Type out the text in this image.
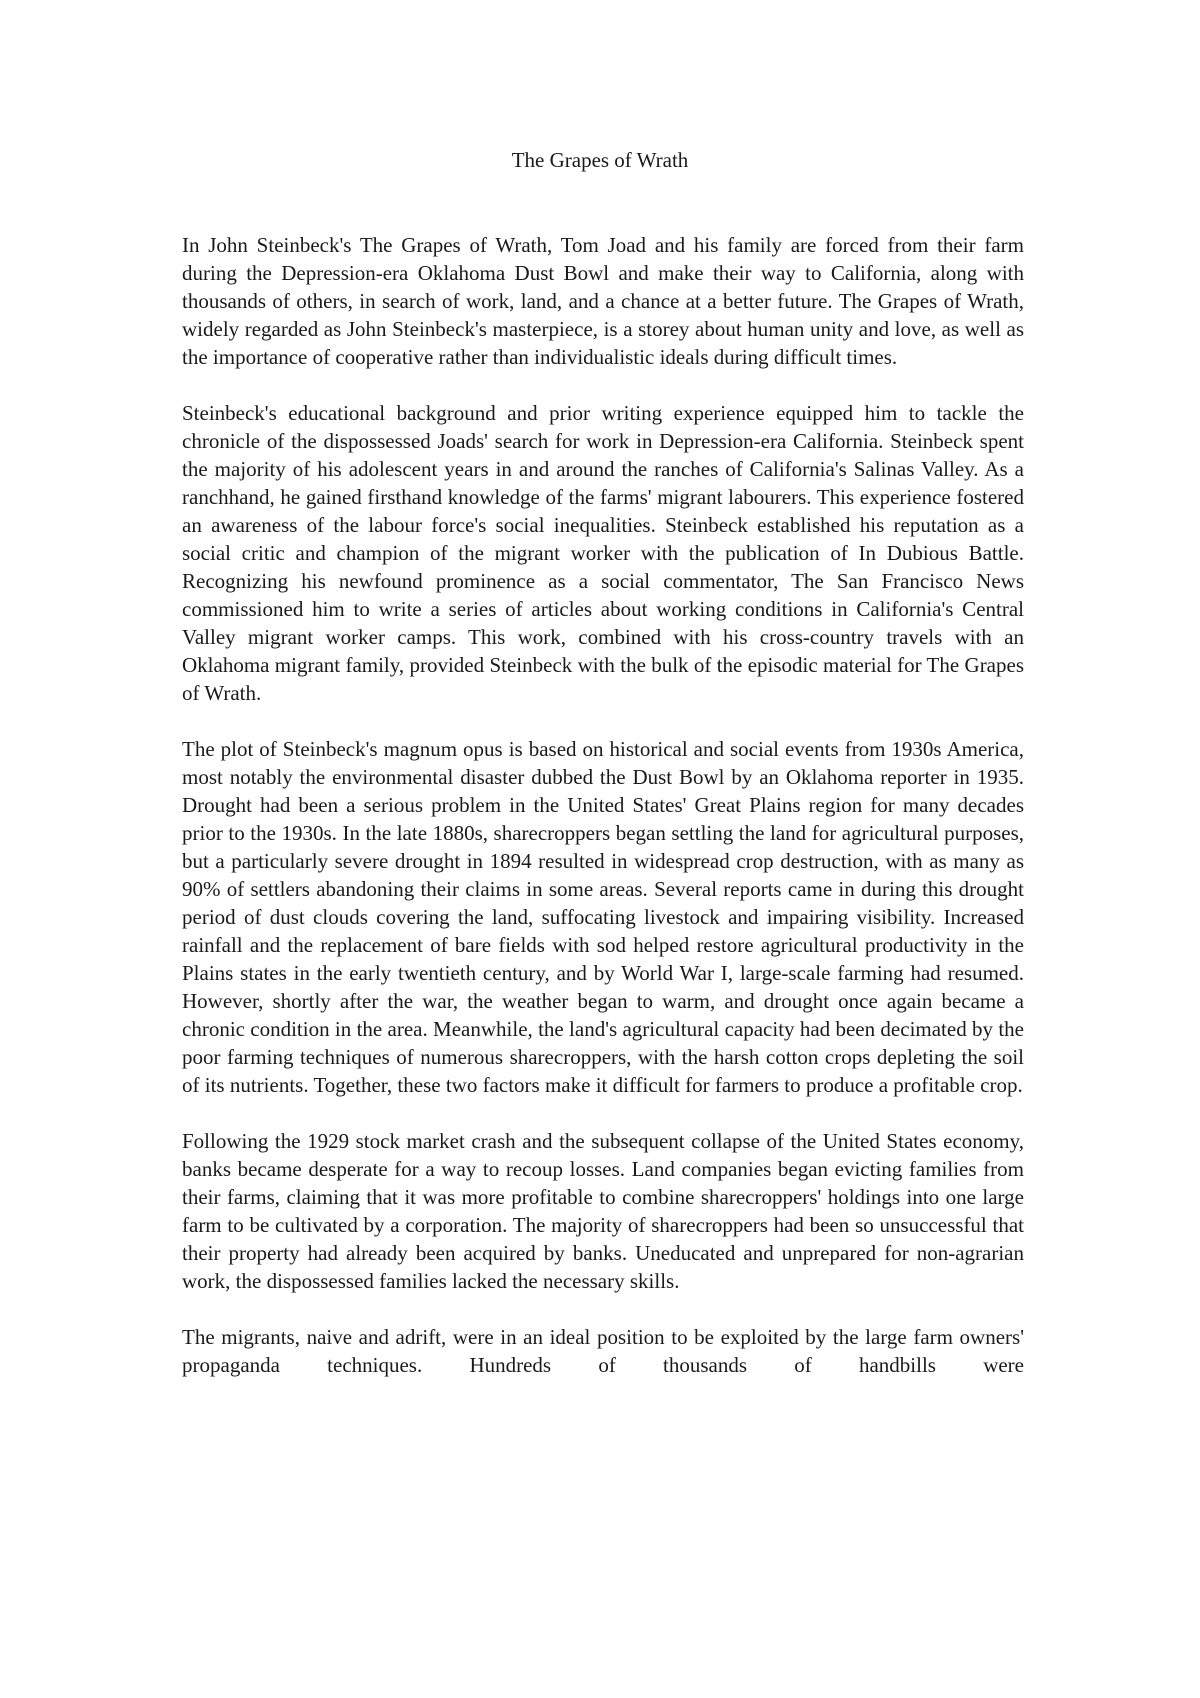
The Grapes of Wrath

In John Steinbeck's The Grapes of Wrath, Tom Joad and his family are forced from their farm during the Depression-era Oklahoma Dust Bowl and make their way to California, along with thousands of others, in search of work, land, and a chance at a better future. The Grapes of Wrath, widely regarded as John Steinbeck's masterpiece, is a storey about human unity and love, as well as the importance of cooperative rather than individualistic ideals during difficult times.

Steinbeck's educational background and prior writing experience equipped him to tackle the chronicle of the dispossessed Joads' search for work in Depression-era California. Steinbeck spent the majority of his adolescent years in and around the ranches of California's Salinas Valley. As a ranchhand, he gained firsthand knowledge of the farms' migrant labourers. This experience fostered an awareness of the labour force's social inequalities. Steinbeck established his reputation as a social critic and champion of the migrant worker with the publication of In Dubious Battle. Recognizing his newfound prominence as a social commentator, The San Francisco News commissioned him to write a series of articles about working conditions in California's Central Valley migrant worker camps. This work, combined with his cross-country travels with an Oklahoma migrant family, provided Steinbeck with the bulk of the episodic material for The Grapes of Wrath.

The plot of Steinbeck's magnum opus is based on historical and social events from 1930s America, most notably the environmental disaster dubbed the Dust Bowl by an Oklahoma reporter in 1935. Drought had been a serious problem in the United States' Great Plains region for many decades prior to the 1930s. In the late 1880s, sharecroppers began settling the land for agricultural purposes, but a particularly severe drought in 1894 resulted in widespread crop destruction, with as many as 90% of settlers abandoning their claims in some areas. Several reports came in during this drought period of dust clouds covering the land, suffocating livestock and impairing visibility. Increased rainfall and the replacement of bare fields with sod helped restore agricultural productivity in the Plains states in the early twentieth century, and by World War I, large-scale farming had resumed. However, shortly after the war, the weather began to warm, and drought once again became a chronic condition in the area. Meanwhile, the land's agricultural capacity had been decimated by the poor farming techniques of numerous sharecroppers, with the harsh cotton crops depleting the soil of its nutrients. Together, these two factors make it difficult for farmers to produce a profitable crop.

Following the 1929 stock market crash and the subsequent collapse of the United States economy, banks became desperate for a way to recoup losses. Land companies began evicting families from their farms, claiming that it was more profitable to combine sharecroppers' holdings into one large farm to be cultivated by a corporation. The majority of sharecroppers had been so unsuccessful that their property had already been acquired by banks. Uneducated and unprepared for non-agrarian work, the dispossessed families lacked the necessary skills.

The migrants, naive and adrift, were in an ideal position to be exploited by the large farm owners' propaganda techniques. Hundreds of thousands of handbills were
